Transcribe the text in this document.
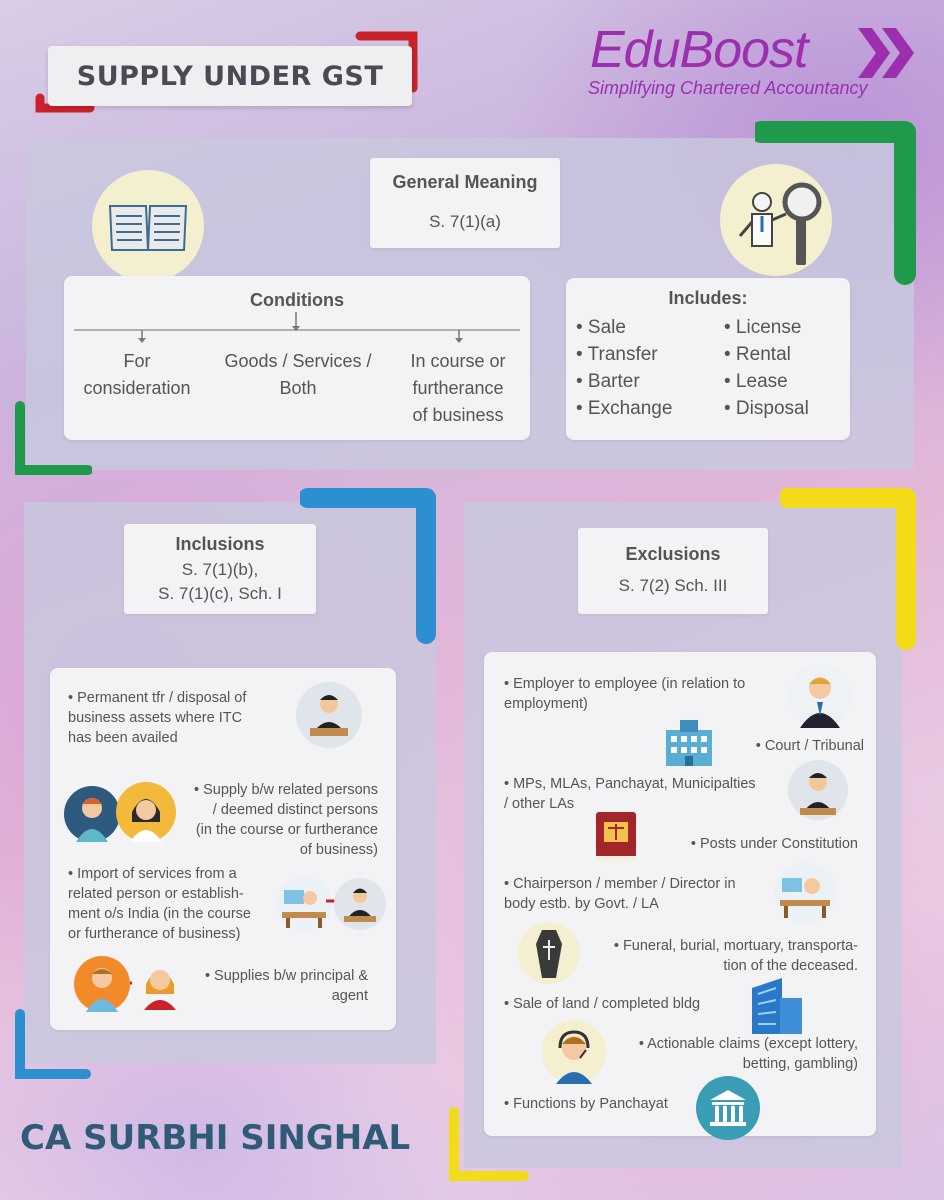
SUPPLY UNDER GST	EduBoost
Simplifying Chartered Accountancy
General Meaning
S. 7(1)(a)
Conditions
For
consideration
Goods / Services /
Both
In course or
furtherance
of business
Includes:
• Sale
• Transfer
• Barter
• Exchange
• License
• Rental
• Lease
• Disposal
Inclusions
S. 7(1)(b),
S. 7(1)(c), Sch. I
• Permanent tfr / disposal of
business assets where ITC
has been availed
• Supply b/w related persons
/ deemed distinct persons
(in the course or furtherance
of business)
• Import of services from a
related person or establish-
ment o/s India (in the course
or furtherance of business)
• Supplies b/w principal &
agent
Exclusions
S. 7(2) Sch. III
• Employer to employee (in relation to
employment)
• Court / Tribunal
• MPs, MLAs, Panchayat, Municipalties
/ other LAs
• Posts under Constitution
• Chairperson / member / Director in
body estb. by Govt. / LA
• Funeral, burial, mortuary, transporta-
tion of the deceased.
• Sale of land / completed bldg
• Actionable claims (except lottery,
betting, gambling)
• Functions by Panchayat
CA SURBHI SINGHAL
